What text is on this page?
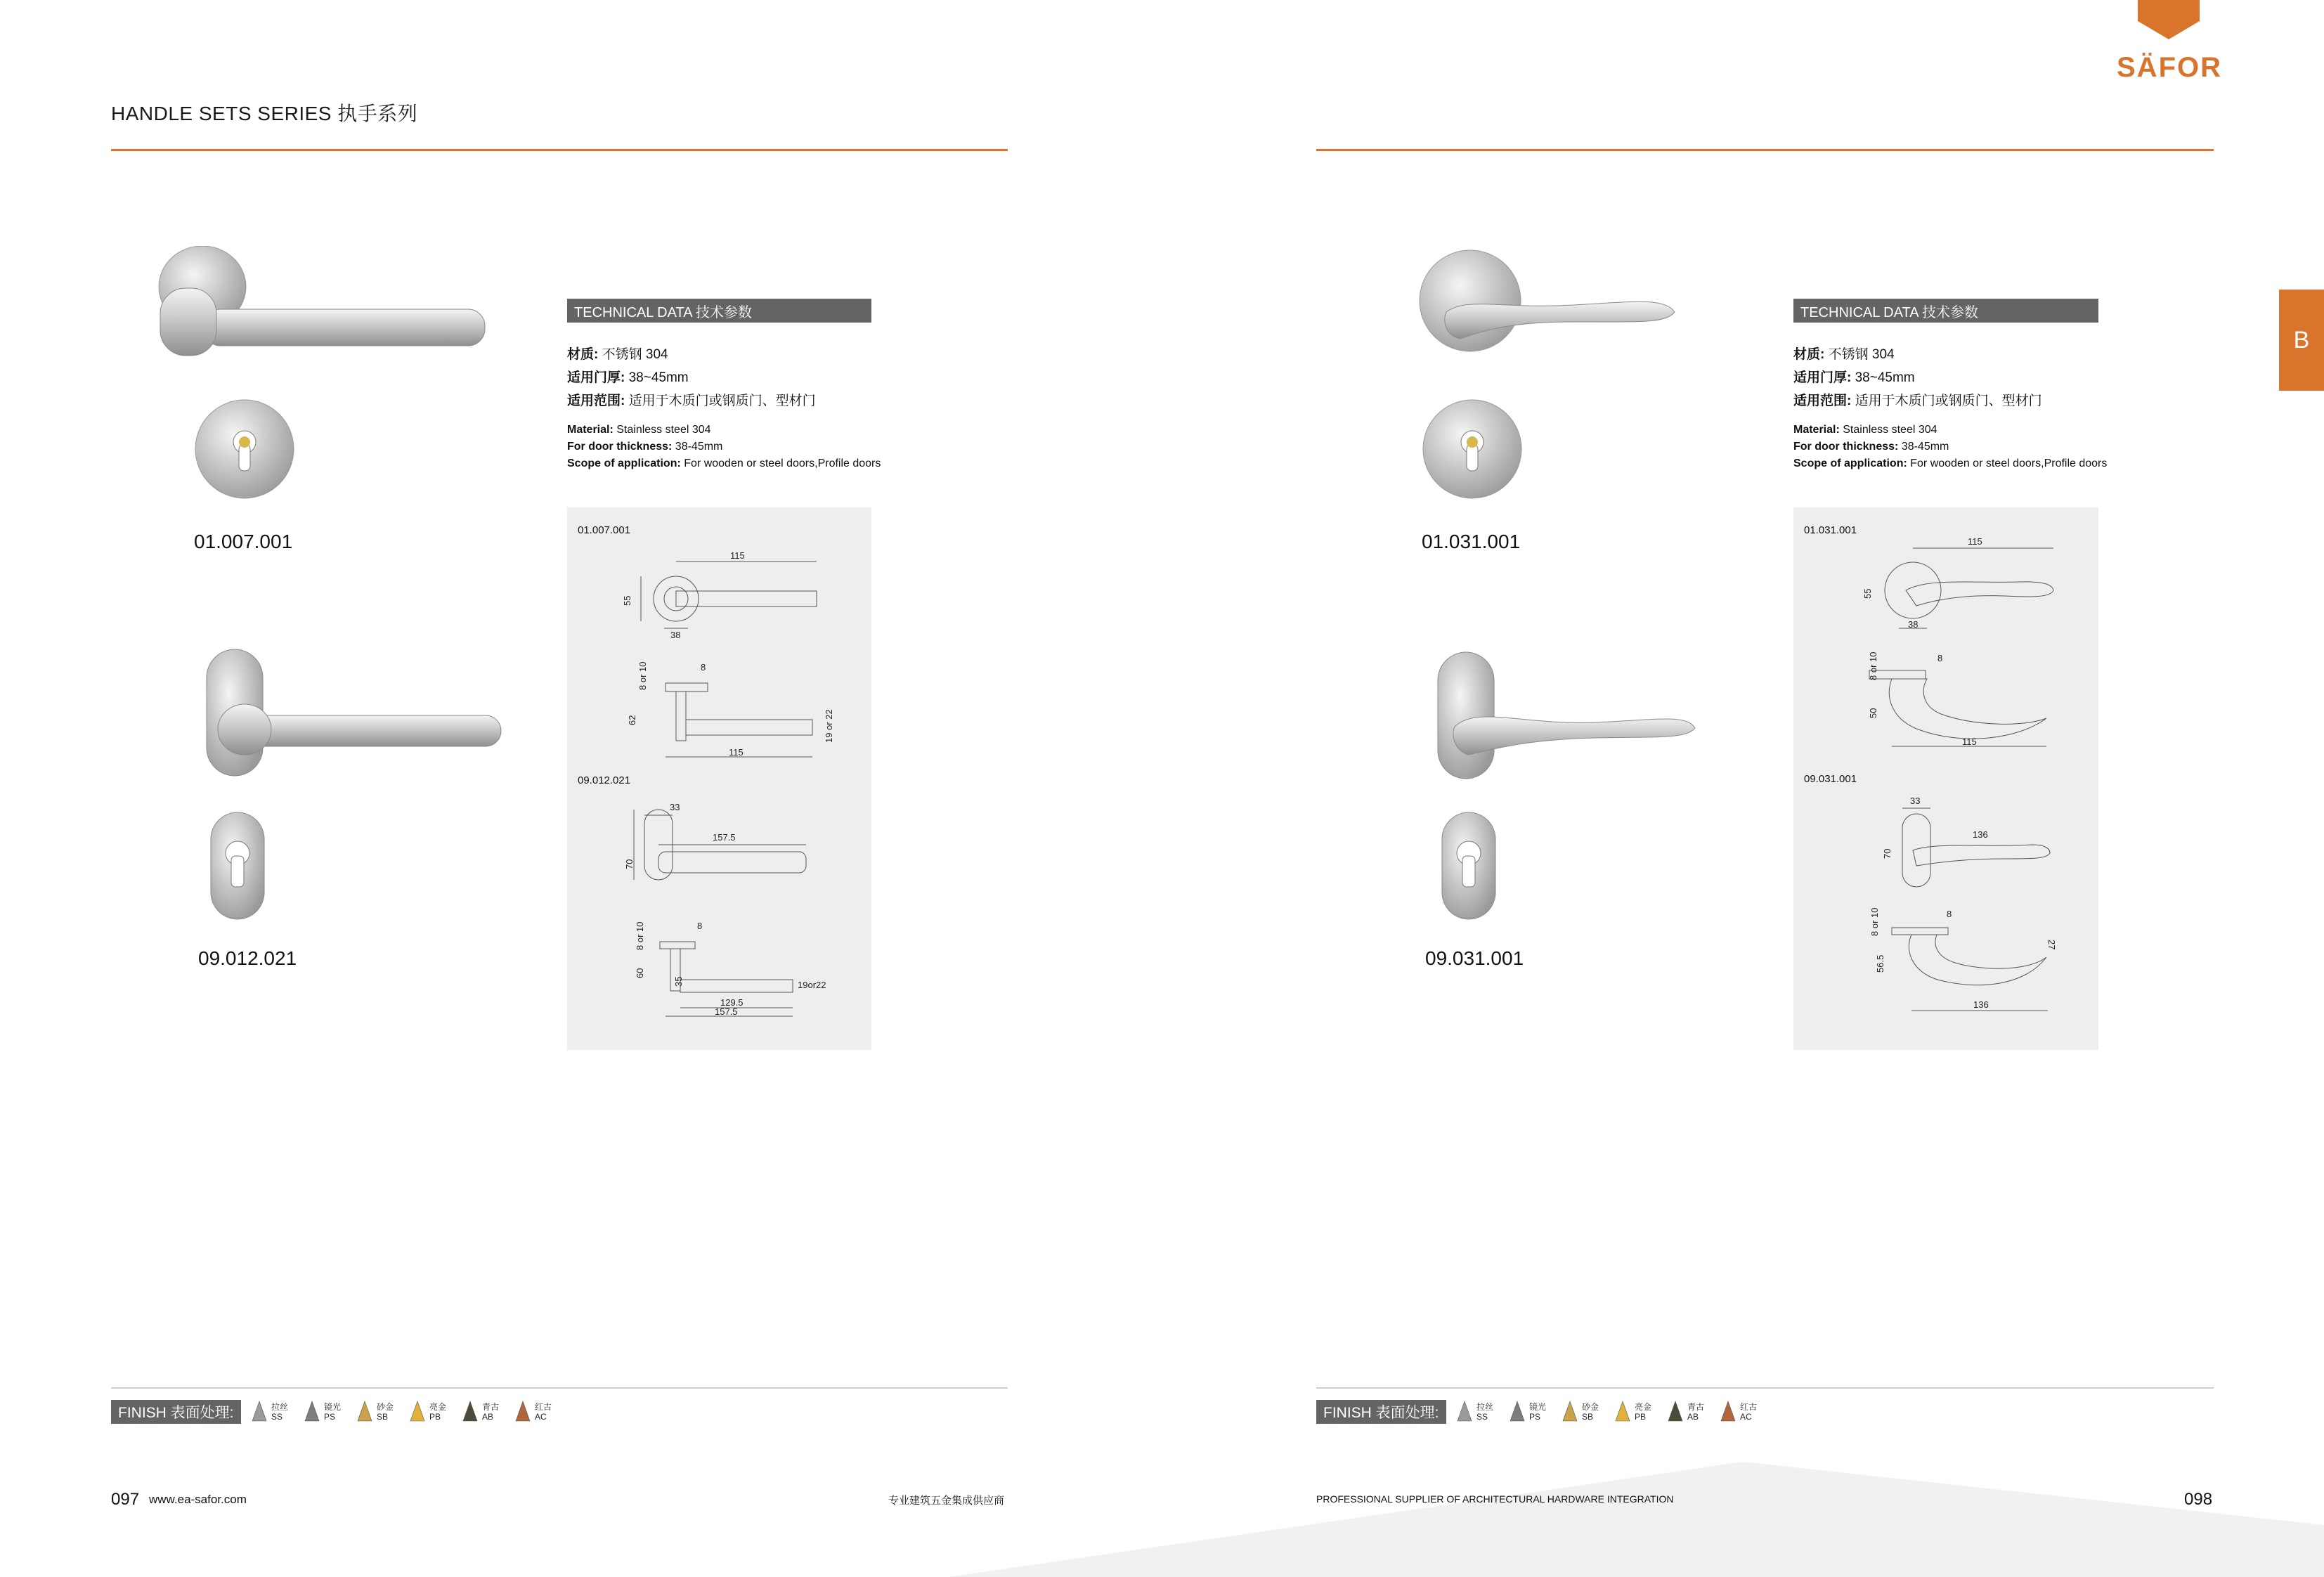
HANDLE SETS SERIES 执手系列
SÄFOR
B
01.007.001
09.012.021
TECHNICAL DATA 技术参数
材质: 不锈钢 304
适用门厚: 38~45mm
适用范围: 适用于木质门或钢质门、型材门
Material: Stainless steel 304
For door thickness: 38-45mm
Scope of application: For wooden or steel doors,Profile doors
01.007.001
09.012.021
115
55
38
8 or 10	8
62
115
19 or 22
33
157.5
70
8 or 10	8
60
35
129.5
157.5
19or22
01.031.001
09.031.001
TECHNICAL DATA 技术参数
材质: 不锈钢 304
适用门厚: 38~45mm
适用范围: 适用于木质门或钢质门、型材门
Material: Stainless steel 304
For door thickness: 38-45mm
Scope of application: For wooden or steel doors,Profile doors
01.031.001
09.031.001
115
55
38
8 or 10	8
50
115
33
136
70
8 or 10	8
56.5
27
136
FINISH 表面处理:	FINISH 表面处理:
拉丝
SS
镜光
PS
砂金
SB
亮金
PB
青古
AB
红古
AC
拉丝
SS
镜光
PS
砂金
SB
亮金
PB
青古
AB
红古
AC
097 www.ea-safor.com	专业建筑五金集成供应商	PROFESSIONAL SUPPLIER OF ARCHITECTURAL HARDWARE INTEGRATION	098
